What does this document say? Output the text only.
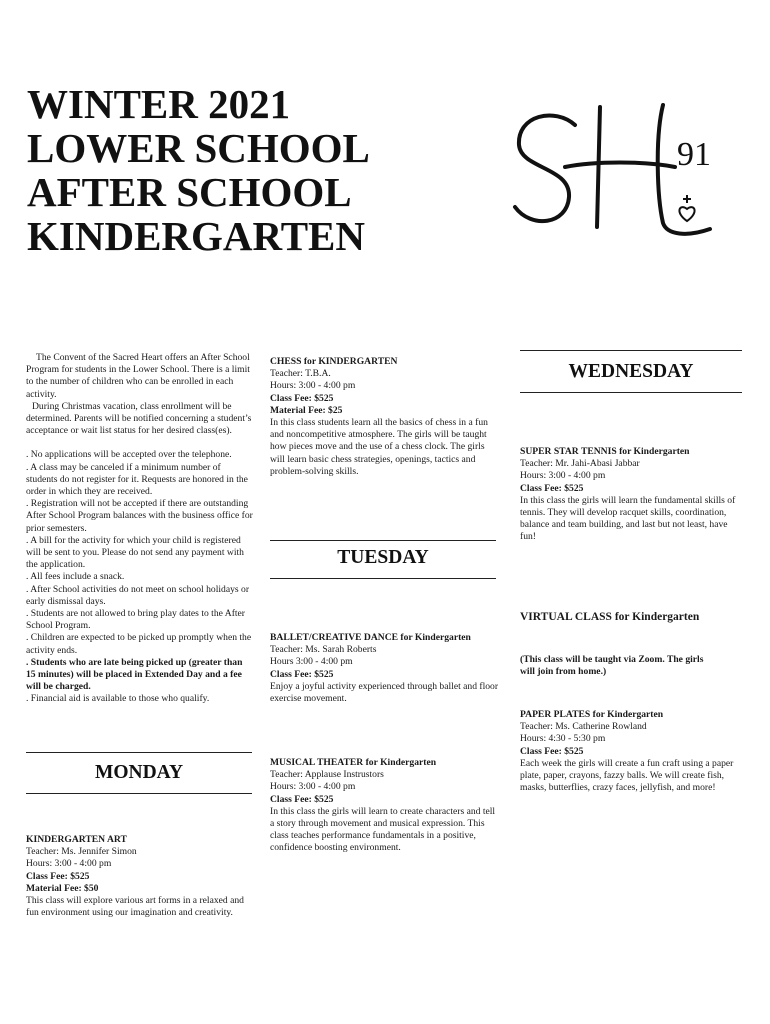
WINTER 2021
LOWER SCHOOL
AFTER SCHOOL
KINDERGARTEN
91

The Convent of the Sacred Heart offers an After School Program for students in the Lower School. There is a limit to the number of children who can be enrolled in each activity.

During Christmas vacation, class enrollment will be determined. Parents will be notified concerning a student’s acceptance or wait list status for her desired class(es).

. No applications will be accepted over the telephone.

. A class may be canceled if a minimum number of students do not register for it. Requests are honored in the order in which they are received.

. Registration will not be accepted if there are outstanding After School Program balances with the business office for prior semesters.

. A bill for the activity for which your child is registered will be sent to you. Please do not send any payment with the application.

. All fees include a snack.

. After School activities do not meet on school holidays or early dismissal days.

. Students are not allowed to bring play dates to the After School Program.

. Children are expected to be picked up promptly when the activity ends.

. Students who are late being picked up (greater than 15 minutes) will be placed in Extended Day and a fee will be charged.

. Financial aid is available to those who qualify.

MONDAY

KINDERGARTEN ART

Teacher: Ms. Jennifer Simon

Hours: 3:00 - 4:00 pm

Class Fee: $525

Material Fee: $50

This class will explore various art forms in a relaxed and fun environment using our imagination and creativity.

CHESS for KINDERGARTEN

Teacher: T.B.A.

Hours: 3:00 - 4:00 pm

Class Fee: $525

Material Fee: $25

In this class students learn all the basics of chess in a fun and noncompetitive atmosphere. The girls will be taught how pieces move and the use of a chess clock. The girls will learn basic chess strategies, openings, tactics and problem-solving skills.

TUESDAY

BALLET/CREATIVE DANCE for Kindergarten

Teacher: Ms. Sarah Roberts

Hours 3:00 - 4:00 pm

Class Fee: $525

Enjoy a joyful activity experienced through ballet and floor exercise movement.

MUSICAL THEATER for Kindergarten

Teacher: Applause Instrustors

Hours: 3:00 - 4:00 pm

Class Fee: $525

In this class the girls will learn to create characters and tell a story through movement and musical expression. This class teaches performance fundamentals in a positive, confidence boosting environment.

WEDNESDAY

SUPER STAR TENNIS for Kindergarten

Teacher: Mr. Jahi-Abasi Jabbar

Hours: 3:00 - 4:00 pm

Class Fee: $525

In this class the girls will learn the fundamental skills of tennis. They will develop racquet skills, coordination, balance and team building, and last but not least, have fun!

VIRTUAL CLASS for Kindergarten

(This class will be taught via Zoom. The girls will join from home.)

PAPER PLATES for Kindergarten

Teacher: Ms. Catherine Rowland

Hours: 4:30 - 5:30 pm

Class Fee: $525

Each week the girls will create a fun craft using a paper plate, paper, crayons, fazzy balls. We will create fish, masks, butterflies, crazy faces, jellyfish, and more!
